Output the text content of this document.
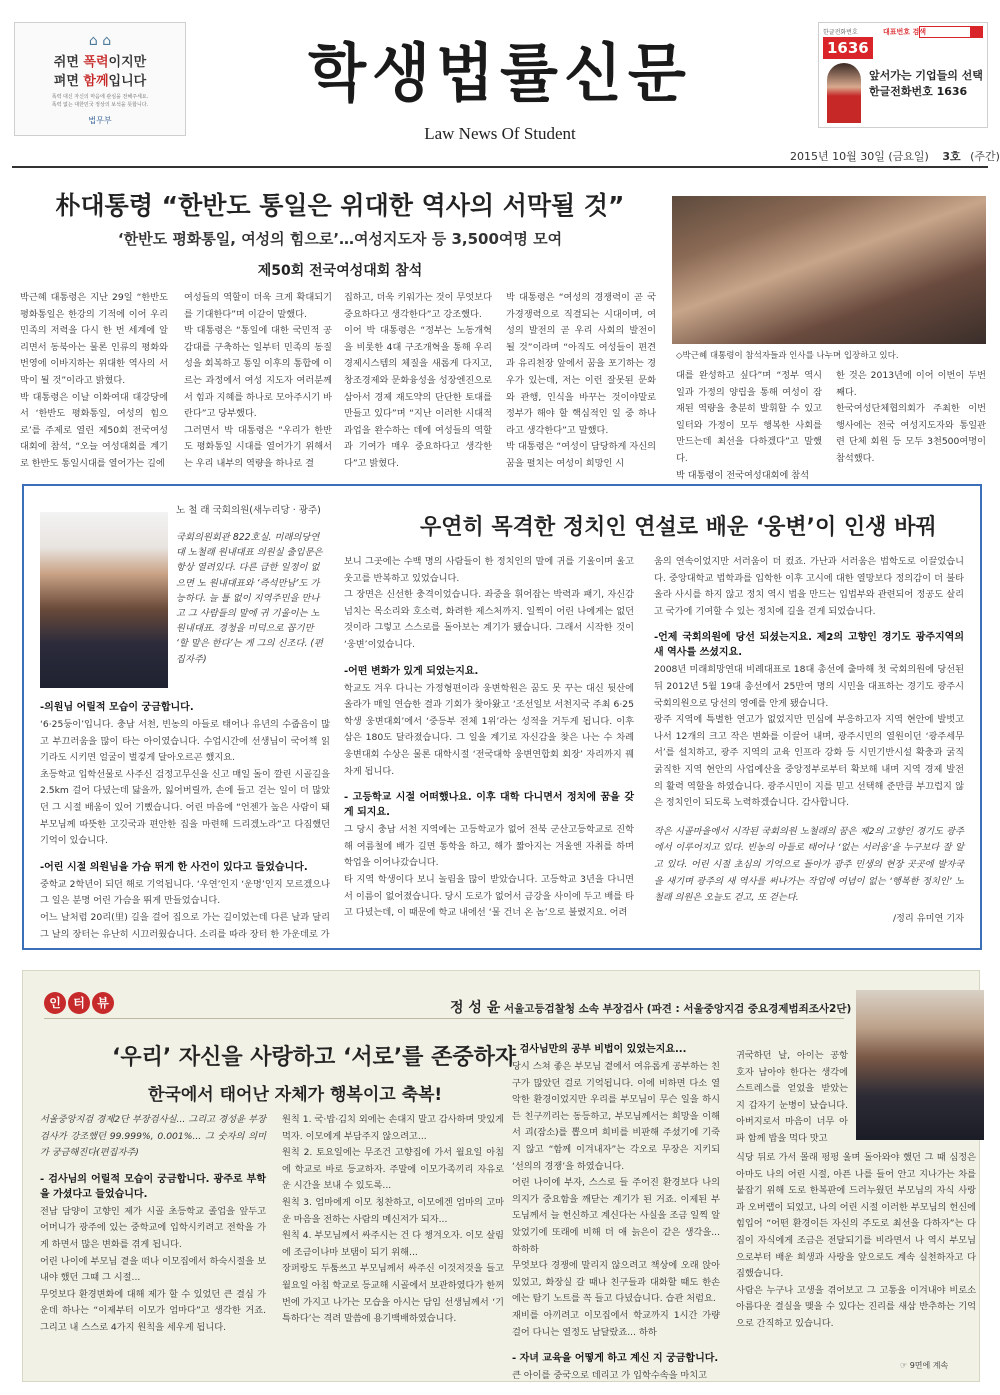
⌂ ⌂
쥐면 폭력이지만
펴면 함께입니다
폭력 대신 자신의 마음에 관심을 전해주세요.
폭력 없는 대한민국 정상의 보석을 뜻합니다.
법무부
학생법률신문
Law News Of Student
한글전화번호
1636
대표번호 검색
앞서가는 기업들의 선택
한글전화번호 1636
2015년 10월 30일 (금요일) 3호 (주간)
朴대통령 “한반도 통일은 위대한 역사의 서막될 것”
‘한반도 평화통일, 여성의 힘으로’…여성지도자 등 3,500여명 모여
제50회 전국여성대회 참석
◇박근혜 대통령이 참석자들과 인사를 나누며 입장하고 있다.
박근혜 대통령은 지난 29일 “한반도 평화통일은 한강의 기적에 이어 우리 민족의 저력을 다시 한 번 세계에 알리면서 동북아는 물론 인류의 평화와 번영에 이바지하는 위대한 역사의 서막이 될 것”이라고 밝혔다.
박 대통령은 이날 이화여대 대강당에서 ‘한반도 평화통일, 여성의 힘으로’를 주제로 열린 제50회 전국여성대회에 참석, “오늘 여성대회를 계기로 한반도 통일시대를 열어가는 길에
여성들의 역할이 더욱 크게 확대되기를 기대한다”며 이같이 말했다.
박 대통령은 “통일에 대한 국민적 공감대를 구축하는 일부터 민족의 동질성을 회복하고 통일 이후의 통합에 이르는 과정에서 여성 지도자 여러분께서 힘과 지혜를 하나로 모아주시기 바란다”고 당부했다.
그러면서 박 대통령은 “우리가 한반도 평화통일 시대를 열어가기 위해서는 우리 내부의 역량을 하나로 결
집하고, 더욱 키워가는 것이 무엇보다 중요하다고 생각한다”고 강조했다.
이어 박 대통령은 “정부는 노동개혁을 비롯한 4대 구조개혁을 통해 우리 경제시스템의 체질을 새롭게 다지고, 창조경제와 문화융성을 성장엔진으로 삼아서 경제 재도약의 단단한 토대를 만들고 있다”며 “지난 이러한 시대적 과업을 완수하는 데에 여성들의 역할과 기여가 매우 중요하다고 생각한다”고 밝혔다.
박 대통령은 “여성의 경쟁력이 곧 국가경쟁력으로 직결되는 시대이며, 여성의 발전의 곧 우리 사회의 발전이 될 것”이라며 “아직도 여성들이 편견과 유리천장 앞에서 꿈을 포기하는 경우가 있는데, 저는 이런 잘못된 문화와 관행, 인식을 바꾸는 것이야말로 정부가 해야 할 핵심적인 일 중 하나라고 생각한다”고 말했다.
박 대통령은 “여성이 담당하게 자신의 꿈을 펼치는 여성이 희망인 시
대를 완성하고 싶다”며 “정부 역시 일과 가정의 양립을 통해 여성이 잠재된 역량을 충분히 발휘할 수 있고 일터와 가정이 모두 행복한 사회를 만드는데 최선을 다하겠다”고 말했다.
박 대통령이 전국여성대회에 참석
한 것은 2013년에 이어 이번이 두번째다.
한국여성단체협의회가 주최한 이번 행사에는 전국 여성지도자와 통일관련 단체 회원 등 모두 3천500여명이 참석했다.
노 철 래 국회의원(새누리당 · 광주)
우연히 목격한 정치인 연설로 배운 ‘웅변’이 인생 바꿔
국회의원회관 822호실. 미래의당연대 노철래 원내대표 의원실 출입문은 항상 열려있다. 다른 급한 일정이 없으면 노 원내대표와 ‘즉석만남’도 가능하다. 늘 틀 없이 지역주민을 만나고 그 사람들의 말에 귀 기울이는 노 원내대표. 경청을 미덕으로 꼽기만 ‘할 말은 한다’는 게 그의 신조다. (편집자주)
-의원님 어릴적 모습이 궁금합니다.
‘6·25둥이’입니다. 충남 서천, 빈농의 아들로 태어나 유년의 수줍음이 많고 부끄러움을 많이 타는 아이였습니다. 수업시간에 선생님이 국어책 읽기라도 시키면 얼굴이 벌겋게 달아오르곤 했지요.
초등학교 입학선물로 사주신 검정고무신을 신고 매일 돌이 깔린 시골길을 2.5km 걸어 다녔는데 닳을까, 잃어버릴까, 손에 들고 걷는 일이 더 많았던 그 시절 배움이 있어 기뻤습니다. 어린 마음에 “언젠가 높은 사람이 돼 부모님께 따뜻한 고깃국과 편안한 집을 마련해 드리겠노라”고 다짐했던 기억이 있습니다.
-어린 시절 의원님을 가슴 뛰게 한 사건이 있다고 들었습니다.
중학교 2학년이 되던 해로 기억됩니다. ‘우연’인지 ‘운명’인지 모르겠으나 그 일은 분명 어린 가슴을 뛰게 만들었습니다.
어느 날처럼 20리(里) 길을 걸어 집으로 가는 길이었는데 다른 날과 달리 그 날의 장터는 유난히 시끄러웠습니다. 소리를 따라 장터 한 가운데로 가
보니 그곳에는 수백 명의 사람들이 한 정치인의 말에 귀를 기울이며 울고 웃고를 반복하고 있었습니다.
그 장면은 신선한 충격이었습니다. 좌중을 휘어잡는 박력과 패기, 자신감 넘치는 목소리와 호소력, 화려한 제스처까지. 일찍이 어린 나에게는 없던 것이라 그렇고 스스로를 돌아보는 계기가 됐습니다. 그래서 시작한 것이 ‘웅변’이었습니다.
-어떤 변화가 있게 되었는지요.
학교도 겨우 다니는 가정형편이라 웅변학원은 꿈도 못 꾸는 대신 뒷산에 올라가 매일 연습한 결과 기회가 찾아왔고 ‘조선일보 서천지국 주최 6·25 학생 웅변대회’에서 ‘중등부 전체 1위’라는 성적을 거두게 됩니다. 이후 삼은 180도 달라졌습니다. 그 일을 계기로 자신감을 찾은 나는 수 차례 웅변대회 수상은 물론 대학시절 ‘전국대학 웅변연합회 회장’ 자리까지 꿰차게 됩니다.
- 고등학교 시절 어떠했나요. 이후 대학 다니면서 정치에 꿈을 갖게 되지요.
그 당시 충남 서천 지역에는 고등학교가 없어 전북 군산고등학교로 진학해 여름철에 배가 길면 통학을 하고, 해가 짧아지는 겨울엔 자취를 하며 학업을 이어나갔습니다.
타 지역 학생이다 보니 놀림을 많이 받았습니다. 고등학교 3년을 다니면서 이름이 없어졌습니다. 당시 도로가 없어서 금강을 사이에 두고 배를 타고 다녔는데, 이 때문에 학교 내에선 ‘물 건너 온 놈’으로 불렸지요. 어려
움의 연속이었지만 서러움이 더 컸죠. 가난과 서러움은 법학도로 이끌었습니다. 중앙대학교 법학과를 입학한 이후 고시에 대한 열망보다 정의감이 더 불타올라 사시를 하지 않고 정치 역시 법을 만드는 입법부와 관련되어 정공도 살리고 국가에 기여할 수 있는 정치에 길을 걷게 되었습니다.
-언제 국회의원에 당선 되셨는지요. 제2의 고향인 경기도 광주지역의 새 역사를 쓰셨지요.
2008년 미래희망연대 비례대표로 18대 총선에 출마해 첫 국회의원에 당선된 뒤 2012년 5월 19대 총선에서 25만여 명의 시민을 대표하는 경기도 광주시 국회의원으로 당선의 영예를 안게 됐습니다.
광주 지역에 특별한 연고가 없었지만 민심에 부응하고자 지역 현안에 발벗고 나서 12개의 크고 작은 변화를 이끌어 내며, 광주시민의 열원이던 ‘광주세무서’를 설치하고, 광주 지역의 교육 인프라 강화 등 시민기반시설 확충과 굵직굵직한 지역 현안의 사업예산을 중앙정부로부터 확보해 내며 지역 경제 발전의 활력 역할을 하였습니다. 광주시민이 지를 믿고 선택해 준만큼 부끄럽지 않은 정치인이 되도록 노력하겠습니다. 감사합니다.
작은 시골마을에서 시작된 국회의원 노철래의 꿈은 제2의 고향인 경기도 광주에서 이루어지고 있다. 빈농의 아들로 태어나 ‘없는 서러움’을 누구보다 잘 알고 있다. 어린 시절 초심의 기억으로 돌아가 광주 민생의 현장 곳곳에 발자국을 새기며 광주의 새 역사를 써나가는 작업에 여념이 없는 ‘행복한 정치인’ 노철래 의원은 오늘도 걷고, 또 걷는다.
/정리 유미연 기자
인 터 뷰	정 성 윤 서울고등검찰청 소속 부장검사 (파견 : 서울중앙지검 중요경제범죄조사2단)
‘우리’ 자신을 사랑하고 ‘서로’를 존중하자
한국에서 태어난 자체가 행복이고 축복!
서울중앙지검 경제2단 부장검사실... 그리고 경성윤 부장검사가 강조했던 99.999%, 0.001%... 그 숫자의 의미가 궁금해진다(편집자주)
- 검사님의 어릴적 모습이 궁금합니다. 광주로 부학을 가셨다고 들었습니다.
전남 담양이 고향인 제가 시골 초등학교 졸업을 앞두고 어머니가 광주에 있는 중학교에 입학시키려고 전학을 가게 하면서 많은 변화를 겪게 됩니다.
어린 나이에 부모님 곁을 떠나 이모집에서 하숙시절을 보내야 했던 그때 그 시절...
무엇보다 환경변화에 대해 제가 할 수 있었던 큰 결심 가운데 하나는 “이제부터 이모가 엄마다”고 생각한 거죠. 그리고 내 스스로 4가지 원칙을 세우게 됩니다.
원칙 1. 국·밥·김치 외에는 손대지 말고 감사하며 맛있게 먹자. 이모에게 부담주지 않으려고...
원칙 2. 토요일에는 무조건 고향집에 가서 월요일 아침에 학교로 바로 등교하자. 주말에 이모가족끼리 자유로운 시간을 보내 수 있도록...
원칙 3. 엄마에게 이모 칭찬하고, 이모에겐 엄마의 고마운 마음을 전하는 사람의 메신저가 되자...
원칙 4. 부모님께서 싸주시는 건 다 챙겨오자. 이모 살림에 조금이나마 보탬이 되기 위해...
장퍼랑도 두툼쓰고 부모님께서 싸주신 이것저것을 들고 월요일 아침 학교로 등교해 시골에서 보관하였다가 한꺼번에 가지고 나가는 모습을 아시는 담임 선생님께서 ‘기특하다’는 격려 말씀에 용기백배하였습니다.
- 검사님만의 공부 비법이 있었는지요...
당시 스쳐 좋은 부모님 곁에서 여유롭게 공부하는 친구가 많았던 걸로 기억됩니다. 이에 비하면 다소 열악한 환경이었지만 우리를 부모님이 무슨 일을 하시든 친구끼리는 동등하고, 부모님께서는 희망을 이해서 괴(잠소)를 뽑으며 희비를 비판해 주셨기에 기죽지 않고 “함께 이겨내자”는 각오로 무장은 지키되 ‘선의의 경쟁’을 하였습니다.
어린 나이에 부자, 스스로 들 주어진 환경보다 나의 의지가 중요함을 깨닫는 계기가 된 거죠. 이제된 부도님께서 늘 헌신하고 계신다는 사실을 조금 일찍 알았었기에 또래에 비해 더 애 늙은이 같은 생각을... 하하하
무엇보다 경쟁에 말리지 않으려고 책상에 오래 앉아 있었고, 화장실 갈 때나 친구들과 대화할 때도 한손에는 탐기 노트를 꼭 들고 다녔습니다. 습관 처럼요.
재비를 아끼려고 이모집에서 학교까지 1시간 가량 걸어 다니는 열정도 남달랐죠... 하하
- 자녀 교육을 어떻게 하고 계신 지 궁금합니다.
큰 아이를 중국으로 데리고 가 입학수속을 마치고
귀국하던 날, 아이는 공항 호자 남아야 한다는 생각에 스트레스를 얻었을 받았는지 갑자기 눈병이 났습니다. 아버지로서 마음이 너무 아파 함께 밥을 먹다 맛고
식당 뒤로 가서 몰래 펑펑 울며 돌아와야 했던 그 때 심정은 아마도 나의 어린 시절, 아픈 나를 들어 안고 지나가는 차를 붙잡기 위해 도로 한복판에 드러누웠던 부모님의 자식 사랑과 오버랩이 되었고, 나의 어린 시절 이러한 부모님의 헌신에 힘입어 “어떤 환경이든 자신의 주도로 최선을 다하자”는 다짐이 자식에게 조금은 전달되기를 비라면서 나 역시 부모님으로부터 배운 희생과 사랑을 앞으로도 계속 실천하자고 다짐했습니다.
사람은 누구나 고생을 겪어보고 그 고통을 이겨내야 비로소 아름다운 결실을 맺을 수 있다는 진리를 새삼 반추하는 기억으로 간직하고 있습니다.
☞ 9면에 계속
